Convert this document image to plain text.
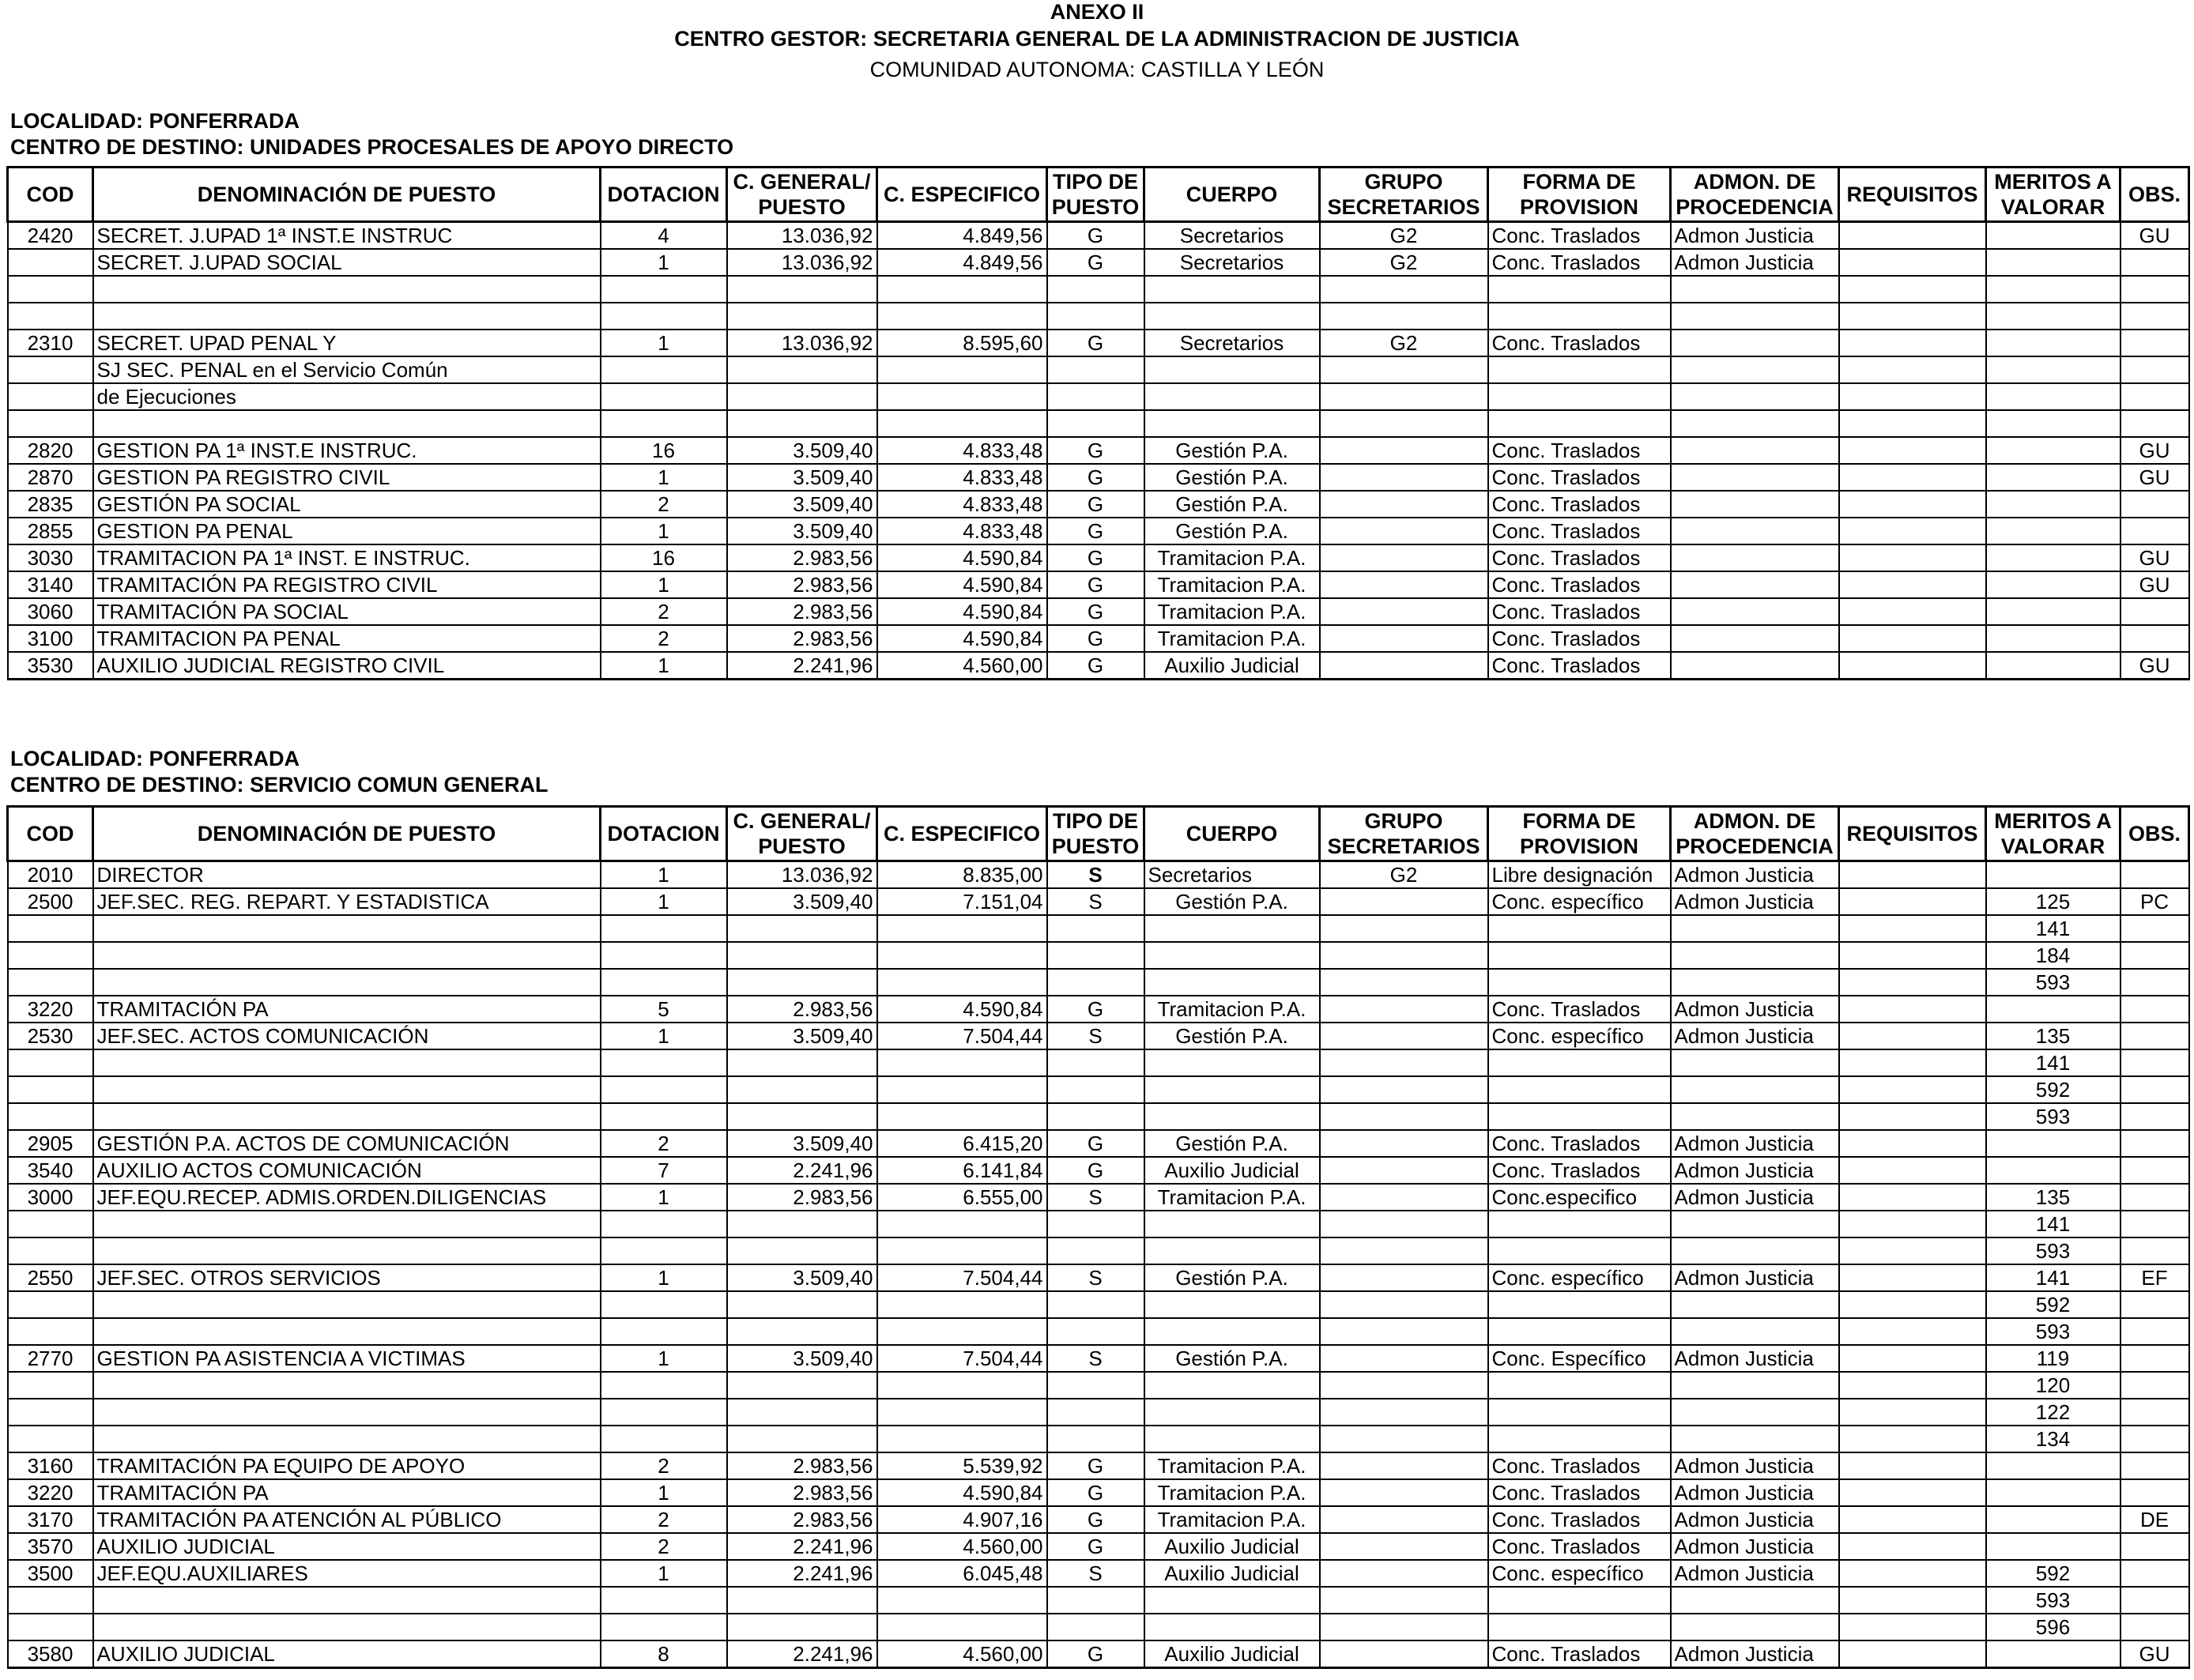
ANEXO II
CENTRO GESTOR: SECRETARIA GENERAL DE LA ADMINISTRACION DE JUSTICIA
COMUNIDAD AUTONOMA: CASTILLA Y LEÓN
LOCALIDAD: PONFERRADA
CENTRO DE DESTINO: UNIDADES PROCESALES DE APOYO DIRECTO
COD	DENOMINACIÓN DE PUESTO	DOTACION	C. GENERAL/
PUESTO	C. ESPECIFICO	TIPO DE
PUESTO	CUERPO	GRUPO
SECRETARIOS	FORMA DE
PROVISION	ADMON. DE
PROCEDENCIA	REQUISITOS	MERITOS A
VALORAR	OBS.
2420	SECRET. J.UPAD 1ª INST.E INSTRUC	4	13.036,92	4.849,56	G	Secretarios	G2	Conc. Traslados	Admon Justicia			GU
	SECRET. J.UPAD SOCIAL	1	13.036,92	4.849,56	G	Secretarios	G2	Conc. Traslados	Admon Justicia			

2310	SECRET. UPAD PENAL Y	1	13.036,92	8.595,60	G	Secretarios	G2	Conc. Traslados				
	SJ SEC. PENAL en el Servicio Común											
	de Ejecuciones											

2820	GESTION PA 1ª INST.E INSTRUC.	16	3.509,40	4.833,48	G	Gestión P.A.		Conc. Traslados				GU
2870	GESTION PA REGISTRO CIVIL	1	3.509,40	4.833,48	G	Gestión P.A.		Conc. Traslados				GU
2835	GESTIÓN PA SOCIAL	2	3.509,40	4.833,48	G	Gestión P.A.		Conc. Traslados				
2855	GESTION PA PENAL	1	3.509,40	4.833,48	G	Gestión P.A.		Conc. Traslados				
3030	TRAMITACION PA 1ª INST. E INSTRUC.	16	2.983,56	4.590,84	G	Tramitacion P.A.		Conc. Traslados				GU
3140	TRAMITACIÓN PA REGISTRO CIVIL	1	2.983,56	4.590,84	G	Tramitacion P.A.		Conc. Traslados				GU
3060	TRAMITACIÓN PA SOCIAL	2	2.983,56	4.590,84	G	Tramitacion P.A.		Conc. Traslados				
3100	TRAMITACION PA PENAL	2	2.983,56	4.590,84	G	Tramitacion P.A.		Conc. Traslados				
3530	AUXILIO JUDICIAL REGISTRO CIVIL	1	2.241,96	4.560,00	G	Auxilio Judicial		Conc. Traslados				GU
LOCALIDAD: PONFERRADA
CENTRO DE DESTINO: SERVICIO COMUN GENERAL
COD	DENOMINACIÓN DE PUESTO	DOTACION	C. GENERAL/
PUESTO	C. ESPECIFICO	TIPO DE
PUESTO	CUERPO	GRUPO
SECRETARIOS	FORMA DE
PROVISION	ADMON. DE
PROCEDENCIA	REQUISITOS	MERITOS A
VALORAR	OBS.
2010	DIRECTOR	1	13.036,92	8.835,00	S	Secretarios	G2	Libre designación	Admon Justicia			
2500	JEF.SEC. REG. REPART. Y ESTADISTICA	1	3.509,40	7.151,04	S	Gestión P.A.		Conc. específico	Admon Justicia		125	PC
											141	
											184	
											593	
3220	TRAMITACIÓN PA	5	2.983,56	4.590,84	G	Tramitacion P.A.		Conc. Traslados	Admon Justicia			
2530	JEF.SEC. ACTOS COMUNICACIÓN	1	3.509,40	7.504,44	S	Gestión P.A.		Conc. específico	Admon Justicia		135	
											141	
											592	
											593	
2905	GESTIÓN P.A. ACTOS DE COMUNICACIÓN	2	3.509,40	6.415,20	G	Gestión P.A.		Conc. Traslados	Admon Justicia			
3540	AUXILIO ACTOS COMUNICACIÓN	7	2.241,96	6.141,84	G	Auxilio Judicial		Conc. Traslados	Admon Justicia			
3000	JEF.EQU.RECEP. ADMIS.ORDEN.DILIGENCIAS	1	2.983,56	6.555,00	S	Tramitacion P.A.		Conc.especifico	Admon Justicia		135	
											141	
											593	
2550	JEF.SEC. OTROS SERVICIOS	1	3.509,40	7.504,44	S	Gestión P.A.		Conc. específico	Admon Justicia		141	EF
											592	
											593	
2770	GESTION PA ASISTENCIA A VICTIMAS	1	3.509,40	7.504,44	S	Gestión P.A.		Conc. Específico	Admon Justicia		119	
											120	
											122	
											134	
3160	TRAMITACIÓN PA EQUIPO DE APOYO	2	2.983,56	5.539,92	G	Tramitacion P.A.		Conc. Traslados	Admon Justicia			
3220	TRAMITACIÓN PA	1	2.983,56	4.590,84	G	Tramitacion P.A.		Conc. Traslados	Admon Justicia			
3170	TRAMITACIÓN PA ATENCIÓN AL PÚBLICO	2	2.983,56	4.907,16	G	Tramitacion P.A.		Conc. Traslados	Admon Justicia			DE
3570	AUXILIO JUDICIAL	2	2.241,96	4.560,00	G	Auxilio Judicial		Conc. Traslados	Admon Justicia			
3500	JEF.EQU.AUXILIARES	1	2.241,96	6.045,48	S	Auxilio Judicial		Conc. específico	Admon Justicia		592	
											593	
											596	
3580	AUXILIO JUDICIAL	8	2.241,96	4.560,00	G	Auxilio Judicial		Conc. Traslados	Admon Justicia			GU
